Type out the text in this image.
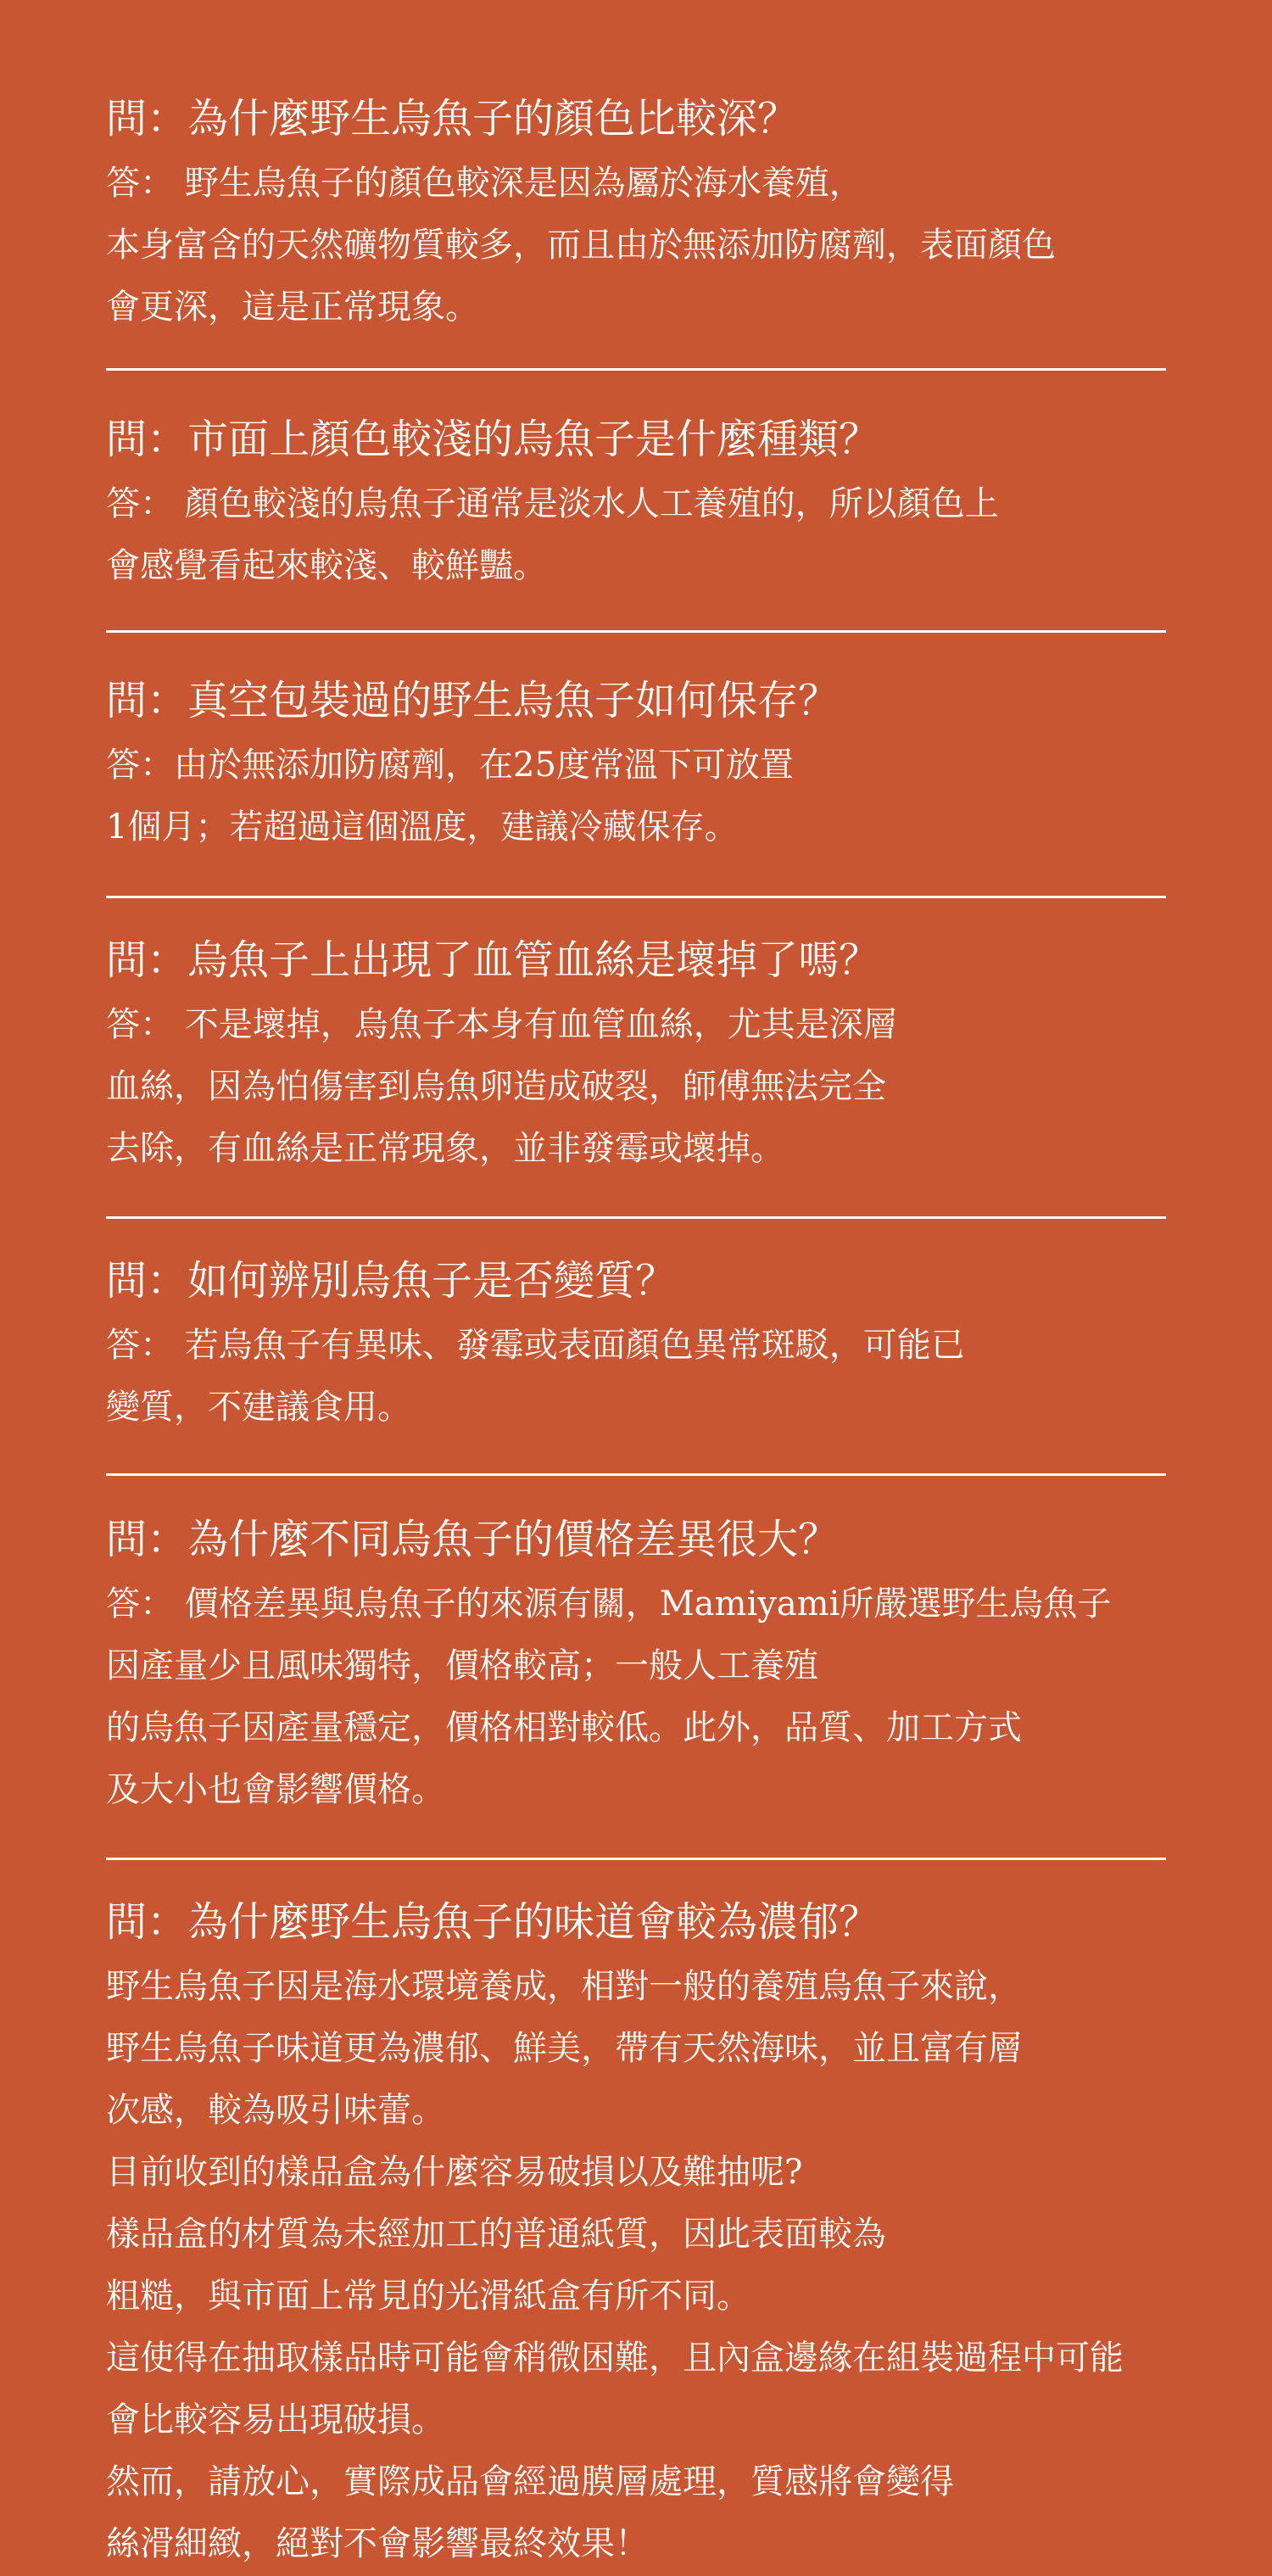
問：為什麼野生烏魚子的顏色比較深？
答： 野生烏魚子的顏色較深是因為屬於海水養殖，
本身富含的天然礦物質較多，而且由於無添加防腐劑，表面顏色
會更深，這是正常現象。
問：市面上顏色較淺的烏魚子是什麼種類？
答： 顏色較淺的烏魚子通常是淡水人工養殖的，所以顏色上
會感覺看起來較淺、較鮮豔。
問：真空包裝過的野生烏魚子如何保存？
答：由於無添加防腐劑，在25度常溫下可放置
1個月；若超過這個溫度，建議冷藏保存。
問：烏魚子上出現了血管血絲是壞掉了嗎？
答： 不是壞掉，烏魚子本身有血管血絲，尤其是深層
血絲，因為怕傷害到烏魚卵造成破裂，師傅無法完全
去除，有血絲是正常現象，並非發霉或壞掉。
問：如何辨別烏魚子是否變質？
答： 若烏魚子有異味、發霉或表面顏色異常斑駁，可能已
變質，不建議食用。
問：為什麼不同烏魚子的價格差異很大？
答： 價格差異與烏魚子的來源有關，Mamiyami所嚴選野生烏魚子
因產量少且風味獨特，價格較高；一般人工養殖
的烏魚子因產量穩定，價格相對較低。此外，品質、加工方式
及大小也會影響價格。
問：為什麼野生烏魚子的味道會較為濃郁？
野生烏魚子因是海水環境養成，相對一般的養殖烏魚子來說，
野生烏魚子味道更為濃郁、鮮美，帶有天然海味，並且富有層
次感，較為吸引味蕾。
目前收到的樣品盒為什麼容易破損以及難抽呢?
樣品盒的材質為未經加工的普通紙質，因此表面較為
粗糙，與市面上常見的光滑紙盒有所不同。
這使得在抽取樣品時可能會稍微困難，且內盒邊緣在組裝過程中可能
會比較容易出現破損。
然而，請放心，實際成品會經過膜層處理，質感將會變得
絲滑細緻，絕對不會影響最終效果！
